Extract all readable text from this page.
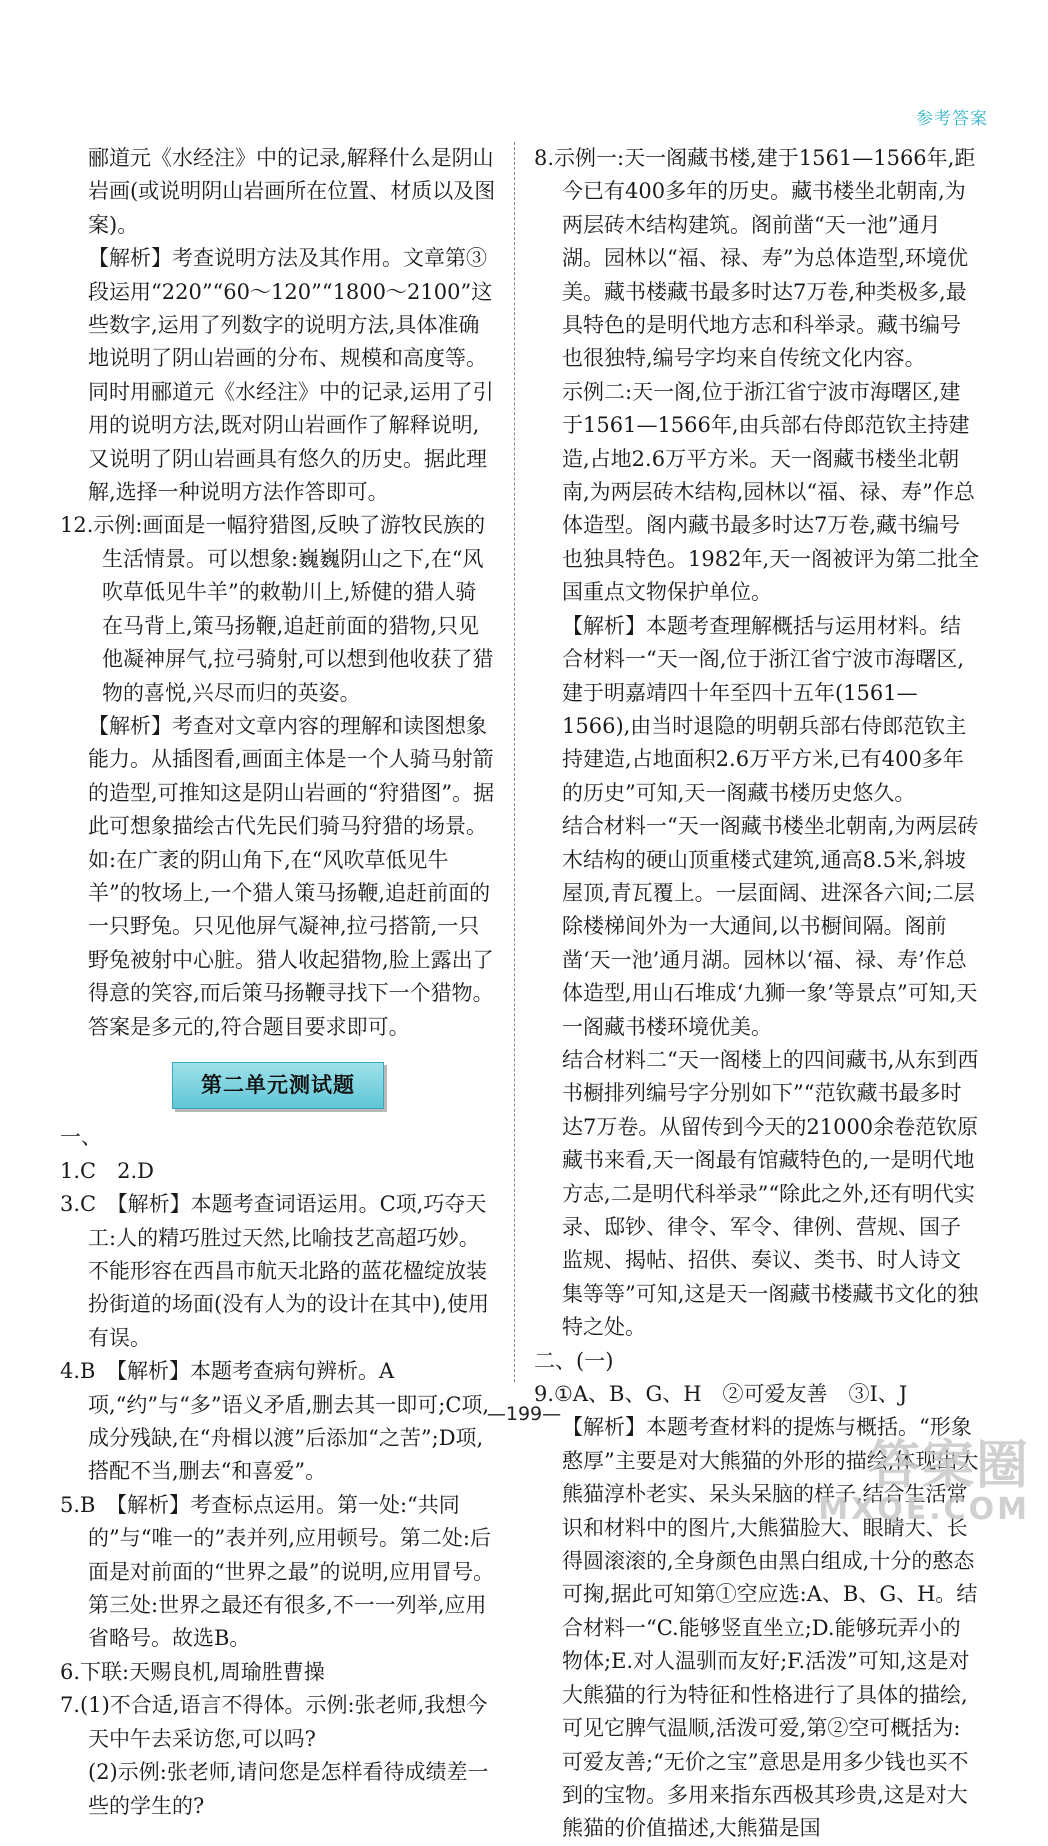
参考答案

郦道元《水经注》中的记录,解释什么是阴山岩画(或说明阴山岩画所在位置、材质以及图案)。

【解析】考查说明方法及其作用。文章第③段运用“220”“60～120”“1800～2100”这些数字,运用了列数字的说明方法,具体准确地说明了阴山岩画的分布、规模和高度等。同时用郦道元《水经注》中的记录,运用了引用的说明方法,既对阴山岩画作了解释说明,又说明了阴山岩画具有悠久的历史。据此理解,选择一种说明方法作答即可。

12.示例:画面是一幅狩猎图,反映了游牧民族的生活情景。可以想象:巍巍阴山之下,在“风吹草低见牛羊”的敕勒川上,矫健的猎人骑在马背上,策马扬鞭,追赶前面的猎物,只见他凝神屏气,拉弓骑射,可以想到他收获了猎物的喜悦,兴尽而归的英姿。

【解析】考查对文章内容的理解和读图想象能力。从插图看,画面主体是一个人骑马射箭的造型,可推知这是阴山岩画的“狩猎图”。据此可想象描绘古代先民们骑马狩猎的场景。如:在广袤的阴山角下,在“风吹草低见牛羊”的牧场上,一个猎人策马扬鞭,追赶前面的一只野兔。只见他屏气凝神,拉弓搭箭,一只野兔被射中心脏。猎人收起猎物,脸上露出了得意的笑容,而后策马扬鞭寻找下一个猎物。答案是多元的,符合题目要求即可。

第二单元测试题

一、

1.C　2.D

3.C　【解析】本题考查词语运用。C项,巧夺天工:人的精巧胜过天然,比喻技艺高超巧妙。不能形容在西昌市航天北路的蓝花楹绽放装扮街道的场面(没有人为的设计在其中),使用有误。

4.B　【解析】本题考查病句辨析。A项,“约”与“多”语义矛盾,删去其一即可;C项,成分残缺,在“舟楫以渡”后添加“之苦”;D项,搭配不当,删去“和喜爱”。

5.B　【解析】考查标点运用。第一处:“共同的”与“唯一的”表并列,应用顿号。第二处:后面是对前面的“世界之最”的说明,应用冒号。第三处:世界之最还有很多,不一一列举,应用省略号。故选B。

6.下联:天赐良机,周瑜胜曹操

7.(1)不合适,语言不得体。示例:张老师,我想今天中午去采访您,可以吗?

(2)示例:张老师,请问您是怎样看待成绩差一些的学生的?

8.示例一:天一阁藏书楼,建于1561—1566年,距今已有400多年的历史。藏书楼坐北朝南,为两层砖木结构建筑。阁前凿“天一池”通月湖。园林以“福、禄、寿”为总体造型,环境优美。藏书楼藏书最多时达7万卷,种类极多,最具特色的是明代地方志和科举录。藏书编号也很独特,编号字均来自传统文化内容。

示例二:天一阁,位于浙江省宁波市海曙区,建于1561—1566年,由兵部右侍郎范钦主持建造,占地2.6万平方米。天一阁藏书楼坐北朝南,为两层砖木结构,园林以“福、禄、寿”作总体造型。阁内藏书最多时达7万卷,藏书编号也独具特色。1982年,天一阁被评为第二批全国重点文物保护单位。

【解析】本题考查理解概括与运用材料。结合材料一“天一阁,位于浙江省宁波市海曙区,建于明嘉靖四十年至四十五年(1561—1566),由当时退隐的明朝兵部右侍郎范钦主持建造,占地面积2.6万平方米,已有400多年的历史”可知,天一阁藏书楼历史悠久。

结合材料一“天一阁藏书楼坐北朝南,为两层砖木结构的硬山顶重楼式建筑,通高8.5米,斜坡屋顶,青瓦覆上。一层面阔、进深各六间;二层除楼梯间外为一大通间,以书橱间隔。阁前凿‘天一池’通月湖。园林以‘福、禄、寿’作总体造型,用山石堆成‘九狮一象’等景点”可知,天一阁藏书楼环境优美。

结合材料二“天一阁楼上的四间藏书,从东到西书橱排列编号字分别如下”“范钦藏书最多时达7万卷。从留传到今天的21000余卷范钦原藏书来看,天一阁最有馆藏特色的,一是明代地方志,二是明代科举录”“除此之外,还有明代实录、邸钞、律令、军令、律例、营规、国子监规、揭帖、招供、奏议、类书、时人诗文集等等”可知,这是天一阁藏书楼藏书文化的独特之处。

二、(一)

9.①A、B、G、H　②可爱友善　③I、J

【解析】本题考查材料的提炼与概括。“形象憨厚”主要是对大熊猫的外形的描绘,体现出大熊猫淳朴老实、呆头呆脑的样子,结合生活常识和材料中的图片,大熊猫脸大、眼睛大、长得圆滚滚的,全身颜色由黑白组成,十分的憨态可掬,据此可知第①空应选:A、B、G、H。结合材料一“C.能够竖直坐立;D.能够玩弄小的物体;E.对人温驯而友好;F.活泼”可知,这是对大熊猫的行为特征和性格进行了具体的描绘,可见它脾气温顺,活泼可爱,第②空可概括为:可爱友善;“无价之宝”意思是用多少钱也买不到的宝物。多用来指东西极其珍贵,这是对大熊猫的价值描述,大熊猫是国

—199—
答案圈
MXQE.COM
